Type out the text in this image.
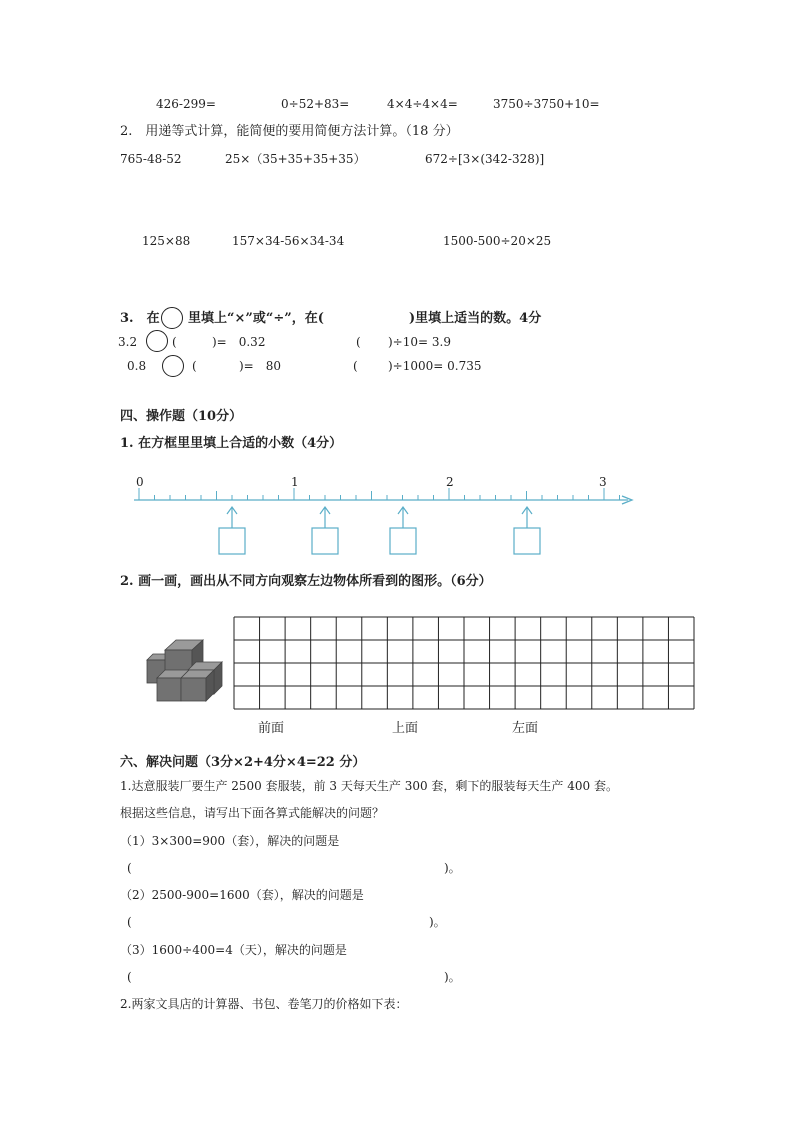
426-299=	0÷52+83=	4×4÷4×4=	3750÷3750+10=
2.　用递等式计算，能简便的要用简便方法计算。（18 分）
765-48-52	25×（35+35+35+35）	672÷[3×(342-328)]
125×88	157×34-56×34-34	1500-500÷20×25
3.　在 里填上“×”或“÷”，在(	)里填上适当的数。4分
3.2	(	)=　0.32	( )÷10= 3.9
0.8	(	)=　80	(	)÷1000= 0.735
四、操作题（10分）
1. 在方框里里填上合适的小数（4分）
0	1	2	3
2. 画一画，画出从不同方向观察左边物体所看到的图形。（6分）
前面	上面	左面
六、解决问题（3分×2+4分×4=22 分）
1.达意服装厂要生产 2500 套服装，前 3 天每天生产 300 套，剩下的服装每天生产 400 套。
根据这些信息，请写出下面各算式能解决的问题？
（1）3×300=900（套），解决的问题是
(	)。
（2）2500-900=1600（套），解决的问题是
(	)。
（3）1600÷400=4（天），解决的问题是
(	)。
2.两家文具店的计算器、书包、卷笔刀的价格如下表：
